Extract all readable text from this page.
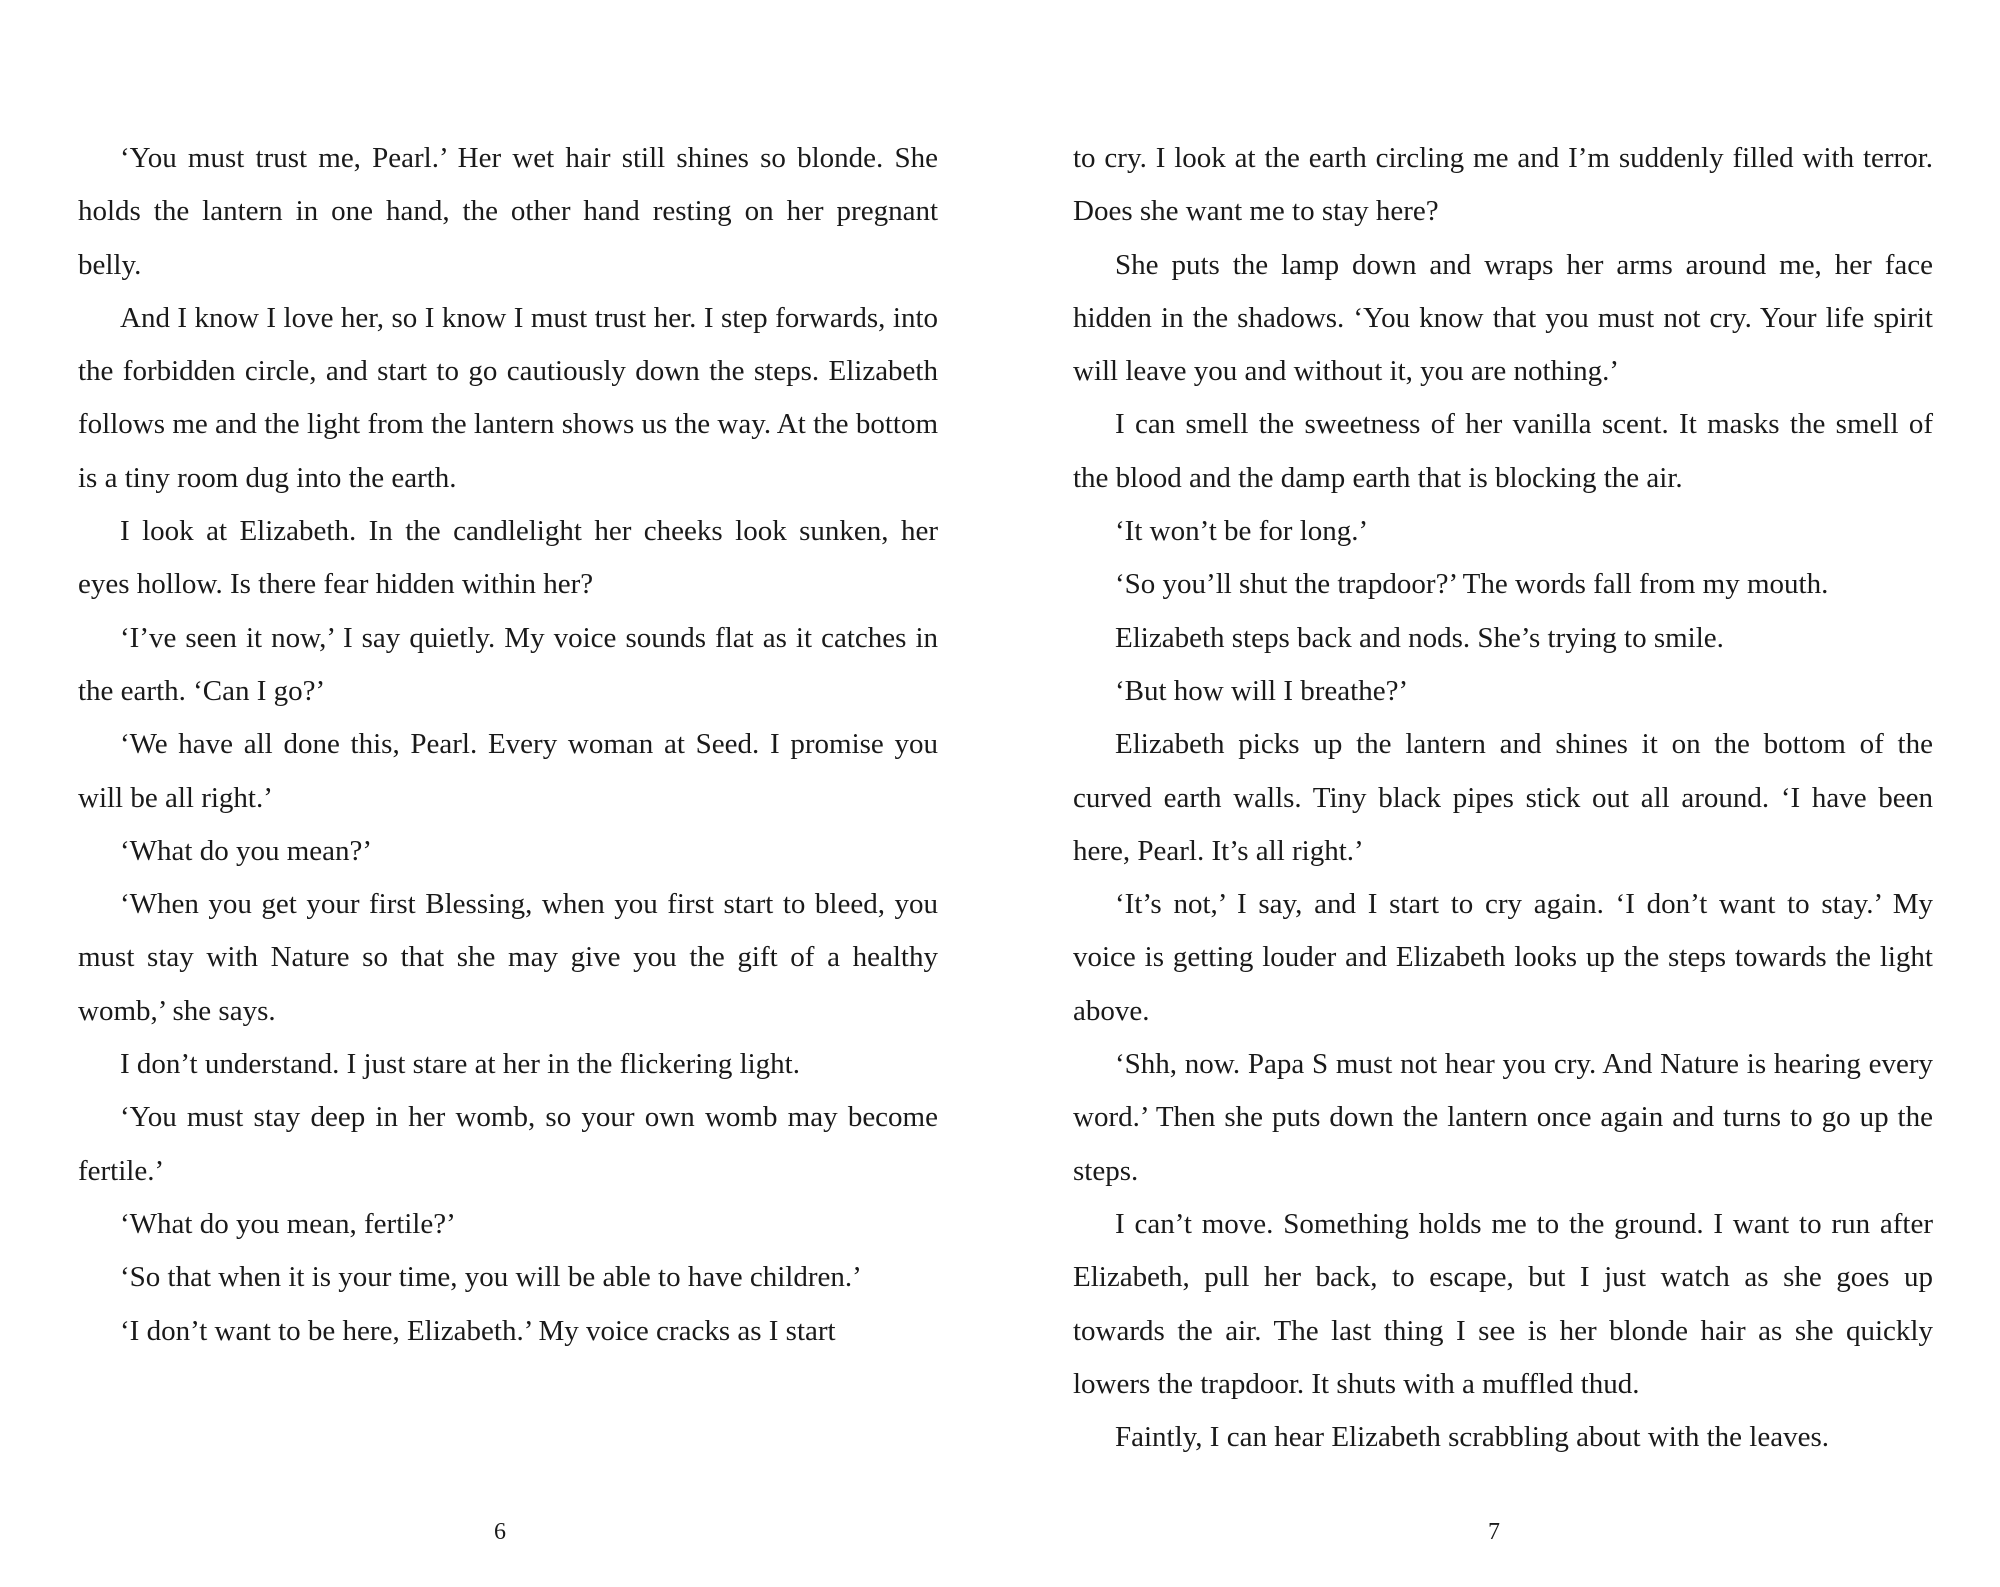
‘You must trust me, Pearl.’ Her wet hair still shines so blonde. She holds the lantern in one hand, the other hand resting on her pregnant belly.

And I know I love her, so I know I must trust her. I step forwards, into the forbidden circle, and start to go cautiously down the steps. Elizabeth follows me and the light from the lantern shows us the way. At the bottom is a tiny room dug into the earth.

I look at Elizabeth. In the candlelight her cheeks look sunken, her eyes hollow. Is there fear hidden within her?

‘I’ve seen it now,’ I say quietly. My voice sounds flat as it catches in the earth. ‘Can I go?’

‘We have all done this, Pearl. Every woman at Seed. I promise you will be all right.’

‘What do you mean?’

‘When you get your first Blessing, when you first start to bleed, you must stay with Nature so that she may give you the gift of a healthy womb,’ she says.

I don’t understand. I just stare at her in the flickering light.

‘You must stay deep in her womb, so your own womb may become fertile.’

‘What do you mean, fertile?’

‘So that when it is your time, you will be able to have children.’

‘I don’t want to be here, Elizabeth.’ My voice cracks as I start

to cry. I look at the earth circling me and I’m suddenly filled with terror. Does she want me to stay here?

She puts the lamp down and wraps her arms around me, her face hidden in the shadows. ‘You know that you must not cry. Your life spirit will leave you and without it, you are nothing.’

I can smell the sweetness of her vanilla scent. It masks the smell of the blood and the damp earth that is blocking the air.

‘It won’t be for long.’

‘So you’ll shut the trapdoor?’ The words fall from my mouth.

Elizabeth steps back and nods. She’s trying to smile.

‘But how will I breathe?’

Elizabeth picks up the lantern and shines it on the bottom of the curved earth walls. Tiny black pipes stick out all around. ‘I have been here, Pearl. It’s all right.’

‘It’s not,’ I say, and I start to cry again. ‘I don’t want to stay.’ My voice is getting louder and Elizabeth looks up the steps towards the light above.

‘Shh, now. Papa S must not hear you cry. And Nature is hearing every word.’ Then she puts down the lantern once again and turns to go up the steps.

I can’t move. Something holds me to the ground. I want to run after Elizabeth, pull her back, to escape, but I just watch as she goes up towards the air. The last thing I see is her blonde hair as she quickly lowers the trapdoor. It shuts with a muffled thud.

Faintly, I can hear Elizabeth scrabbling about with the leaves.

6	7
